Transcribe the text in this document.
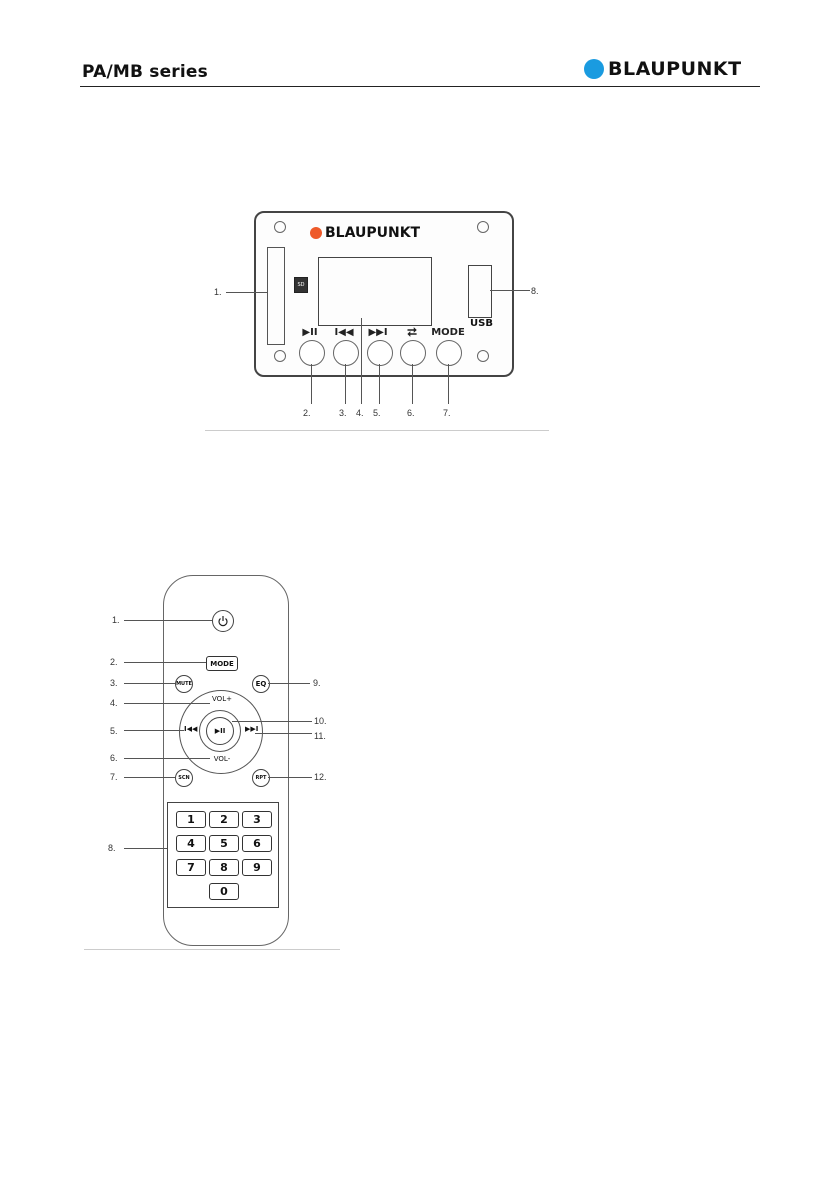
PA/MB series	BLAUPUNKT
BLAUPUNKT
SD
USB
▶II	I◀◀ ▶▶I	⮂	MODE
1.
2.	3. 4. 5.	6.	7.
8.
MODE
MUTE	EQ
VOL+
VOL-
I◀◀	▶▶I
▶II
SCN	RPT
1	2	3
4	5	6
7	8	9
0
1.
2.
3.
4.
5.
6.
7.
8.
9.
10.
11.
12.
